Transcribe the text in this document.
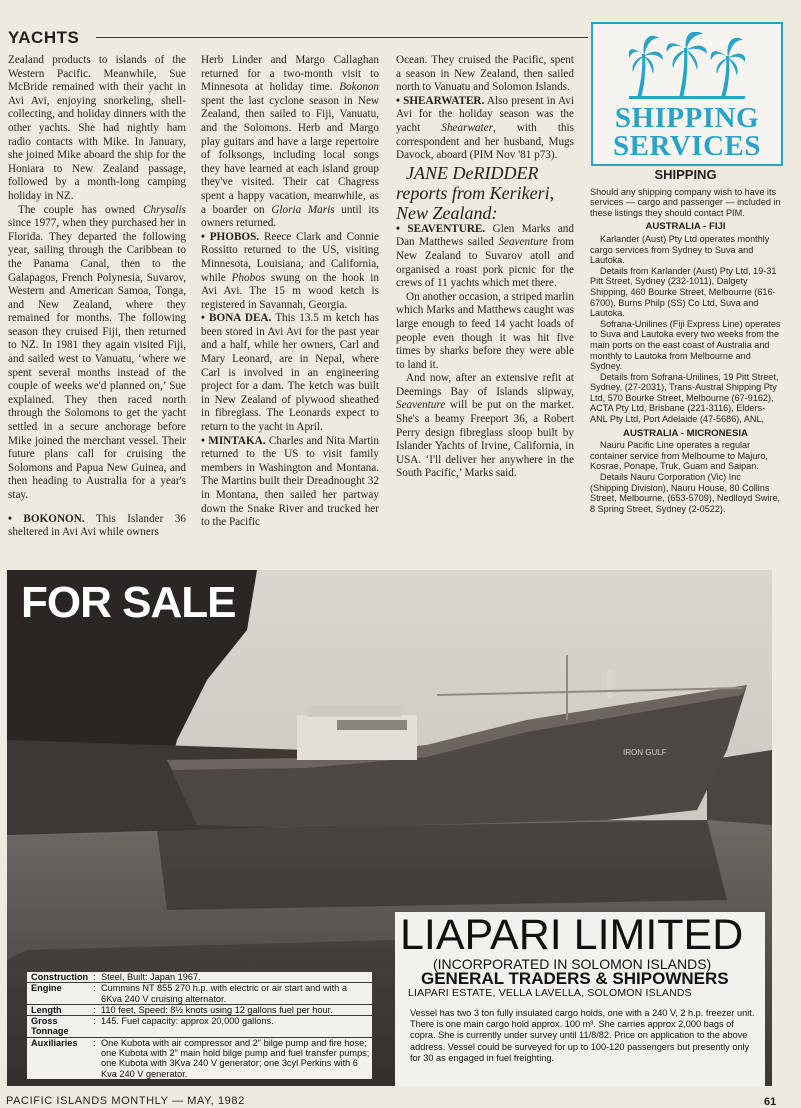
YACHTS

Zealand products to islands of the Western Pacific. Meanwhile, Sue McBride remained with their yacht in Avi Avi, enjoying snorkeling, shell-collecting, and holiday dinners with the other yachts. She had nightly ham radio contacts with Mike. In January, she joined Mike aboard the ship for the Honiara to New Zealand passage, followed by a month-long camping holiday in NZ.

The couple has owned Chrysalis since 1977, when they purchased her in Florida. They departed the following year, sailing through the Caribbean to the Panama Canal, then to the Galapagos, French Polynesia, Suvarov, Western and American Samoa, Tonga, and New Zealand, where they remained for months. The following season they cruised Fiji, then returned to NZ. In 1981 they again visited Fiji, and sailed west to Vanuatu, ‘where we spent several months instead of the couple of weeks we'd planned on,’ Sue explained. They then raced north through the Solomons to get the yacht settled in a secure anchorage before Mike joined the merchant vessel. Their future plans call for cruising the Solomons and Papua New Guinea, and then heading to Australia for a year's stay.

• BOKONON. This Islander 36 sheltered in Avi Avi while owners

Herb Linder and Margo Callaghan returned for a two-month visit to Minnesota at holiday time. Bokonon spent the last cyclone season in New Zealand, then sailed to Fiji, Vanuatu, and the Solomons. Herb and Margo play guitars and have a large repertoire of folksongs, including local songs they have learned at each island group they've visited. Their cat Chagress spent a happy vacation, meanwhile, as a boarder on Gloria Maris until its owners returned.

• PHOBOS. Reece Clark and Connie Rossitto returned to the US, visiting Minnesota, Louisiana, and California, while Phobos swung on the hook in Avi Avi. The 15 m wood ketch is registered in Savannah, Georgia.

• BONA DEA. This 13.5 m ketch has been stored in Avi Avi for the past year and a half, while her owners, Carl and Mary Leonard, are in Nepal, where Carl is involved in an engineering project for a dam. The ketch was built in New Zealand of plywood sheathed in fibreglass. The Leonards expect to return to the yacht in April.

• MINTAKA. Charles and Nita Martin returned to the US to visit family members in Washington and Montana. The Martins built their Dreadnought 32 in Montana, then sailed her partway down the Snake River and trucked her to the Pacific

Ocean. They cruised the Pacific, spent a season in New Zealand, then sailed north to Vanuatu and Solomon Islands.

• SHEARWATER. Also present in Avi Avi for the holiday season was the yacht Shearwater, with this correspondent and her husband, Mugs Davock, aboard (PIM Nov '81 p73).

JANE DeRIDDER reports from Kerikeri, New Zealand:

• SEAVENTURE. Glen Marks and Dan Matthews sailed Seaventure from New Zealand to Suvarov atoll and organised a roast pork picnic for the crews of 11 yachts which met there.

On another occasion, a striped marlin which Marks and Matthews caught was large enough to feed 14 yacht loads of people even though it was hit five times by sharks before they were able to land it.

And now, after an extensive refit at Deemings Bay of Islands slipway, Seaventure will be put on the market. She's a beamy Freeport 36, a Robert Perry design fibreglass sloop built by Islander Yachts of Irvine, California, in USA. ‘I'll deliver her anywhere in the South Pacific,’ Marks said.

SHIPPING
SERVICES
SHIPPING

Should any shipping company wish to have its services — cargo and passenger — included in these listings they should contact PIM.

AUSTRALIA - FIJI

Karlander (Aust) Pty Ltd operates monthly cargo services from Sydney to Suva and Lautoka.

Details from Karlander (Aust) Pty Ltd, 19-31 Pitt Street, Sydney (232-1011), Dalgety Shipping, 460 Bourke Street, Melbourne (616-6700), Burns Philp (SS) Co Ltd, Suva and Lautoka.

Sofrana-Unilines (Fiji Express Line) operates to Suva and Lautoka every two weeks from the main ports on the east coast of Australia and monthly to Lautoka from Melbourne and Sydney.

Details from Sofrana-Unilines, 19 Pitt Street, Sydney, (27-2031), Trans-Austral Shipping Pty Ltd, 570 Bourke Street, Melbourne (67-9162), ACTA Pty Ltd, Brisbane (221-3116), Elders-ANL Pty Ltd, Port Adelaide (47-5686), ANL,

AUSTRALIA - MICRONESIA

Nauru Pacific Line operates a regular container service from Melbourne to Majuro, Kosrae, Ponape, Truk, Guam and Saipan.

Details Nauru Corporation (Vic) Inc (Shipping Division), Nauru House, 80 Collins Street, Melbourne, (653-5709), Nedlloyd Swire, 8 Spring Street, Sydney (2-0522).

IRON GULF
FOR SALE
LIAPARI LIMITED
(INCORPORATED IN SOLOMON ISLANDS)
GENERAL TRADERS & SHIPOWNERS
LIAPARI ESTATE, VELLA LAVELLA, SOLOMON ISLANDS
Construction : Steel, Built: Japan 1967.
Engine	: Cummins NT 855 270 h.p. with electric or air start and with a 6Kva 240 V cruising alternator.
Length	: 110 feet, Speed: 8½ knots using 12 gallons fuel per hour.
Gross Tonnage
: 145. Fuel capacity: approx 20,000 gallons.
Auxiliaries	: One Kubota with air compressor and 2" bilge pump and fire hose; one Kubota with 2" main hold bilge pump and fuel transfer pumps; one Kubota with 3Kva 240 V generator; one 3cyl Perkins with 6 Kva 240 V generator.
Vessel has two 3 ton fully insulated cargo holds, one with a 240 V, 2 h.p. freezer unit. There is one main cargo hold approx. 100 m³. She carries approx 2,000 bags of copra. She is currently under survey until 11/8/82. Price on application to the above address. Vessel could be surveyed for up to 100-120 passengers but presently only for 30 as engaged in fuel freighting.
PACIFIC ISLANDS MONTHLY — MAY, 1982	61
